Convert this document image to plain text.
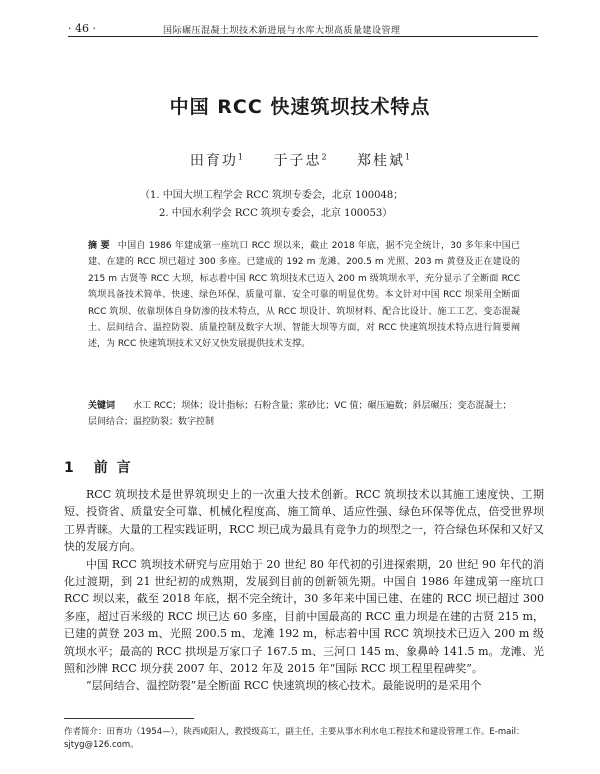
· 46 ·	国际碾压混凝土坝技术新进展与水库大坝高质量建设管理
中国 RCC 快速筑坝技术特点
田育功$^1$ 于子忠$^2$ 郑桂斌$^1$
（1. 中国大坝工程学会 RCC 筑坝专委会，北京 100048；
2. 中国水利学会 RCC 筑坝专委会，北京 100053）
摘 要 中国自 1986 年建成第一座坑口 RCC 坝以来，截止 2018 年底，据不完全统计，30 多年来中国已建、在建的 RCC 坝已超过 300 多座。已建成的 192 m 龙滩、200.5 m 光照、203 m 黄登及正在建设的 215 m 古贤等 RCC 大坝，标志着中国 RCC 筑坝技术已迈入 200 m 级筑坝水平，充分显示了全断面 RCC 筑坝具备技术简单、快速、绿色环保、质量可靠、安全可靠的明显优势。本文针对中国 RCC 坝采用全断面 RCC 筑坝、依靠坝体自身防渗的技术特点，从 RCC 坝设计、筑坝材料、配合比设计、施工工艺、变态混凝土、层间结合、温控防裂、质量控制及数字大坝、智能大坝等方面，对 RCC 快速筑坝技术特点进行简要阐述，为 RCC 快速筑坝技术又好又快发展提供技术支撑。
关键词 水工 RCC；坝体；设计指标；石粉含量；浆砂比；VC 值；碾压遍数；斜层碾压；变态混凝土；层间结合；温控防裂；数字控制
1 前 言

RCC 筑坝技术是世界筑坝史上的一次重大技术创新。RCC 筑坝技术以其施工速度快、工期短、投资省、质量安全可靠、机械化程度高、施工简单、适应性强、绿色环保等优点，倍受世界坝工界青睐。大量的工程实践证明，RCC 坝已成为最具有竞争力的坝型之一，符合绿色环保和又好又快的发展方向。

中国 RCC 筑坝技术研究与应用始于 20 世纪 80 年代初的引进探索期，20 世纪 90 年代的消化过渡期，到 21 世纪初的成熟期，发展到目前的创新领先期。中国自 1986 年建成第一座坑口 RCC 坝以来，截至 2018 年底，据不完全统计，30 多年来中国已建、在建的 RCC 坝已超过 300 多座，超过百米级的 RCC 坝已达 60 多座，目前中国最高的 RCC 重力坝是在建的古贤 215 m，已建的黄登 203 m、光照 200.5 m、龙滩 192 m，标志着中国 RCC 筑坝技术已迈入 200 m 级筑坝水平；最高的 RCC 拱坝是万家口子 167.5 m、三河口 145 m、象鼻岭 141.5 m。龙滩、光照和沙牌 RCC 坝分获 2007 年、2012 年及 2015 年“国际 RCC 坝工程里程碑奖”。

“层间结合、温控防裂”是全断面 RCC 快速筑坝的核心技术。最能说明的是采用个

作者简介：田育功（1954—），陕西咸阳人，教授级高工，副主任，主要从事水利水电工程技术和建设管理工作。E-mail：sjtyg@126.com。
